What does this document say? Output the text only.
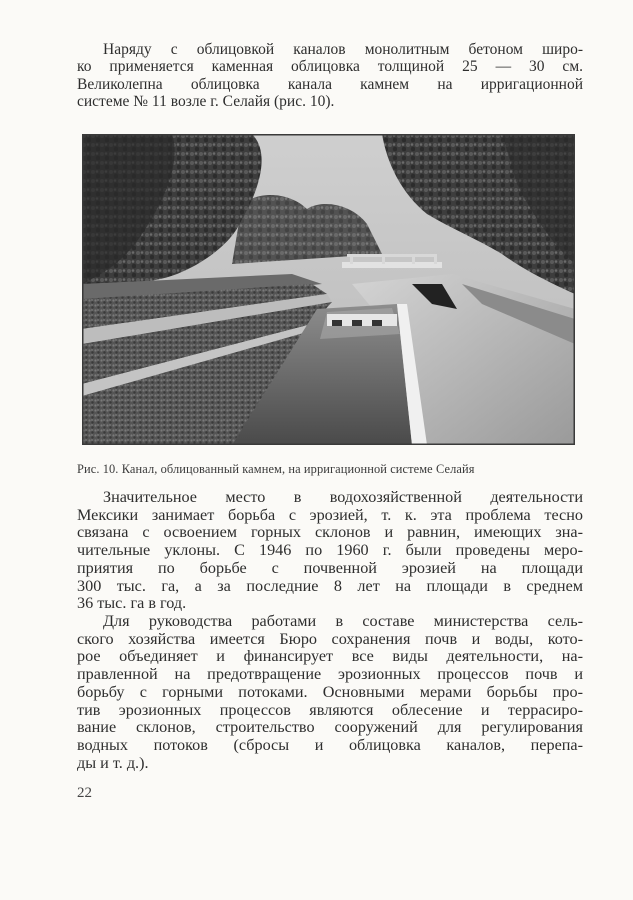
Наряду с облицовкой каналов монолитным бетоном широ-
ко применяется каменная облицовка толщиной 25 — 30 см.
Великолепна облицовка канала камнем на ирригационной
системе № 11 возле г. Селайя (рис. 10).

Рис. 10. Канал, облицованный камнем, на ирригационной системе Селайя

Значительное место в водохозяйственной деятельности
Мексики занимает борьба с эрозией, т. к. эта проблема тесно
связана с освоением горных склонов и равнин, имеющих зна-
чительные уклоны. С 1946 по 1960 г. были проведены меро-
приятия по борьбе с почвенной эрозией на площади
300 тыс. га, а за последние 8 лет на площади в среднем
36 тыс. га в год.

Для руководства работами в составе министерства сель-
ского хозяйства имеется Бюро сохранения почв и воды, кото-
рое объединяет и финансирует все виды деятельности, на-
правленной на предотвращение эрозионных процессов почв и
борьбу с горными потоками. Основными мерами борьбы про-
тив эрозионных процессов являются облесение и террасиро-
вание склонов, строительство сооружений для регулирования
водных потоков (сбросы и облицовка каналов, перепа-
ды и т. д.).

22
